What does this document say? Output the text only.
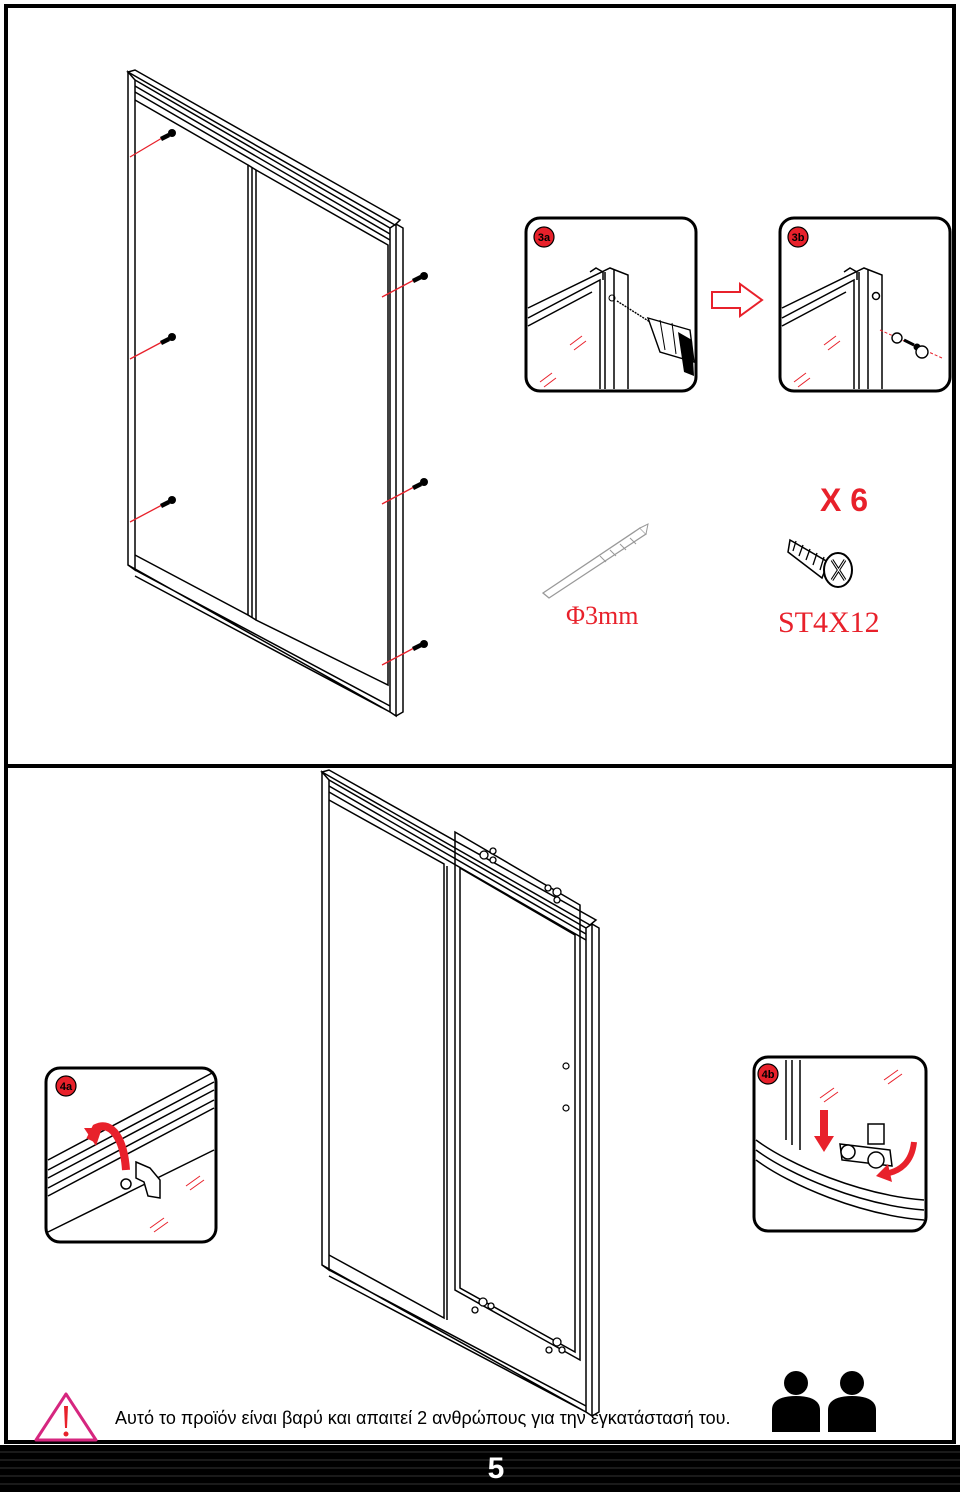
3a	3b
X 6
Φ3mm	ST4X12
4a
4b
Αυτό το προϊόν είναι βαρύ και απαιτεί 2 ανθρώπους για την εγκατάστασή του.
5
